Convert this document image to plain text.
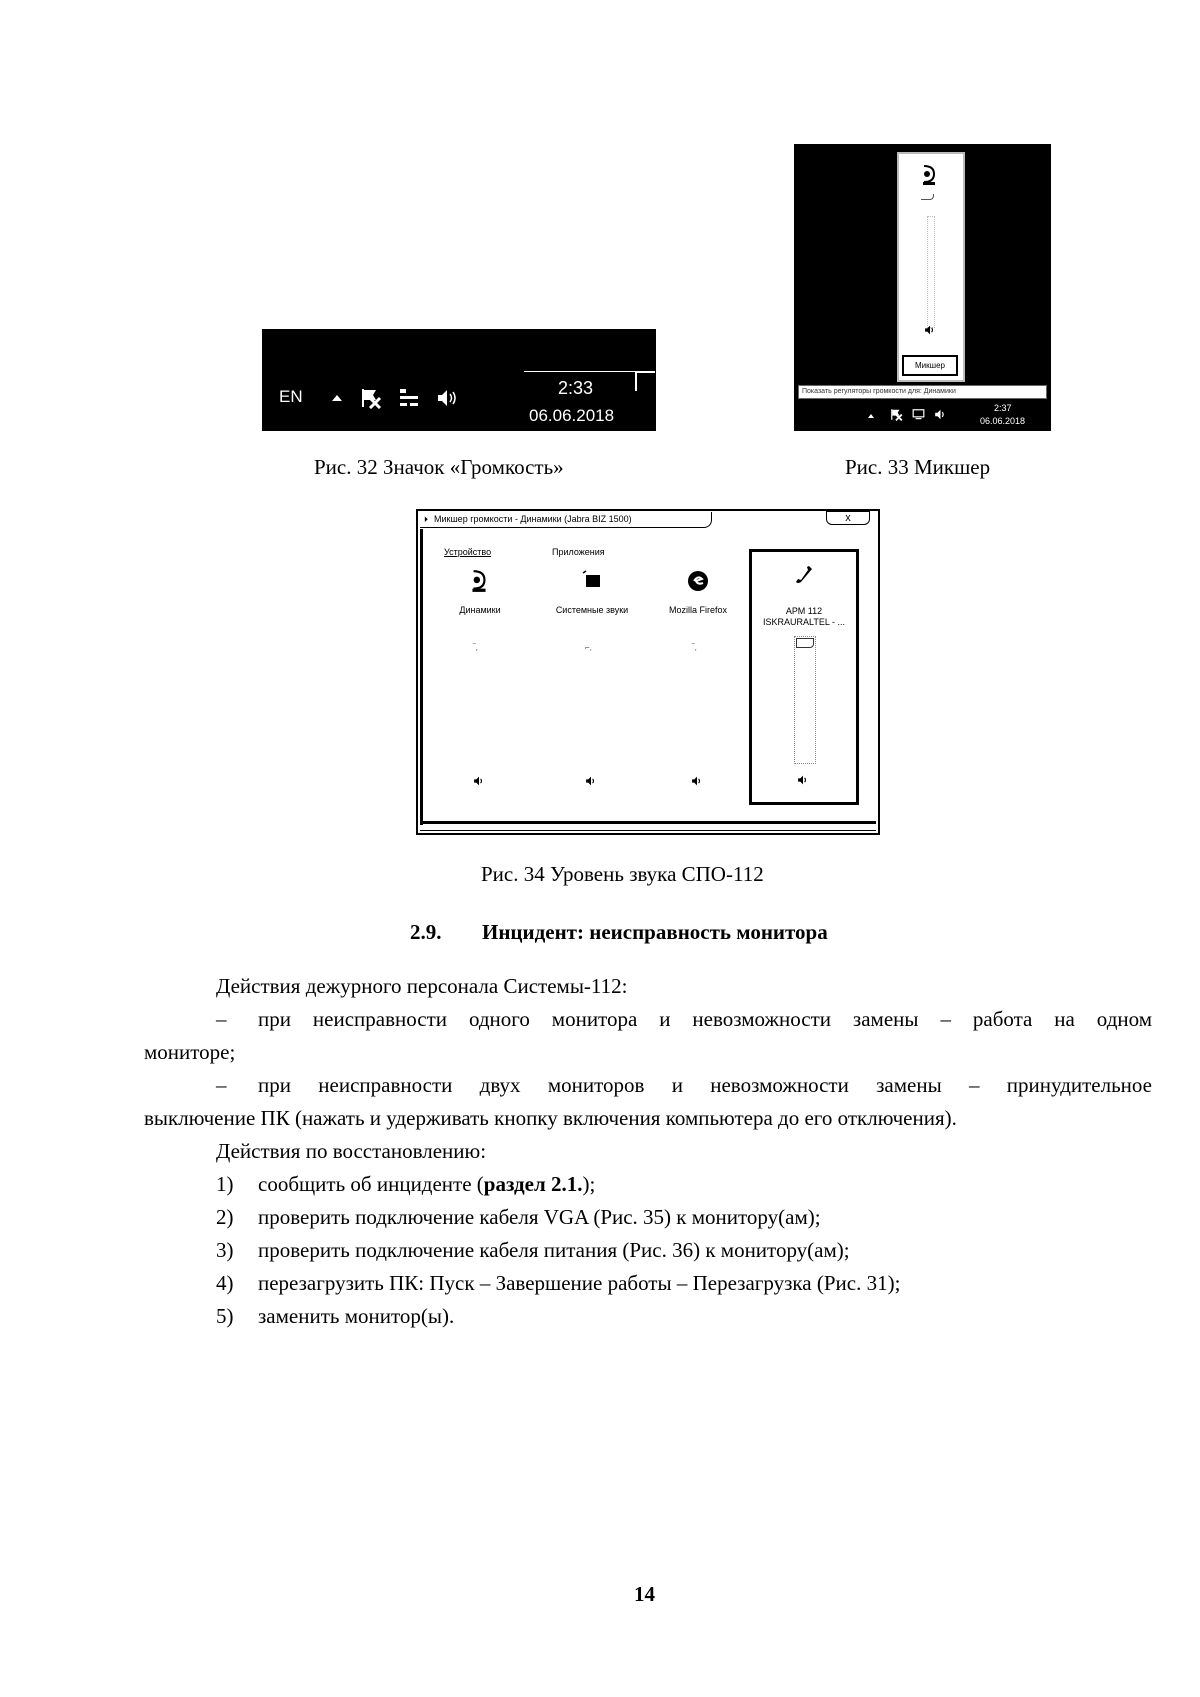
EN	2:33
06.06.2018
Микшер
Показать регуляторы громкости для: Динамики
2:37
06.06.2018
⏵ Микшер громкости - Динамики (Jabra BIZ 1500)	x
Устройство	Приложения
Динамики
‾,
Системные звуки
⌐,
Mozilla Firefox
‾,
АРМ 112 ISKRAURALTEL - ...
Рис. 32 Значок «Громкость»	Рис. 33 Микшер
Рис. 34 Уровень звука СПО-112
2.9. Инцидент: неисправность монитора
Действия дежурного персонала Системы-112:
– при неисправности одного монитора и невозможности замены – работа на одном
мониторе;
– при неисправности двух мониторов и невозможности замены – принудительное
выключение ПК (нажать и удерживать кнопку включения компьютера до его отключения).
Действия по восстановлению:
1) сообщить об инциденте (раздел 2.1.);
2) проверить подключение кабеля VGA (Рис. 35) к монитору(ам);
3) проверить подключение кабеля питания (Рис. 36) к монитору(ам);
4) перезагрузить ПК: Пуск – Завершение работы – Перезагрузка (Рис. 31);
5) заменить монитор(ы).
14
